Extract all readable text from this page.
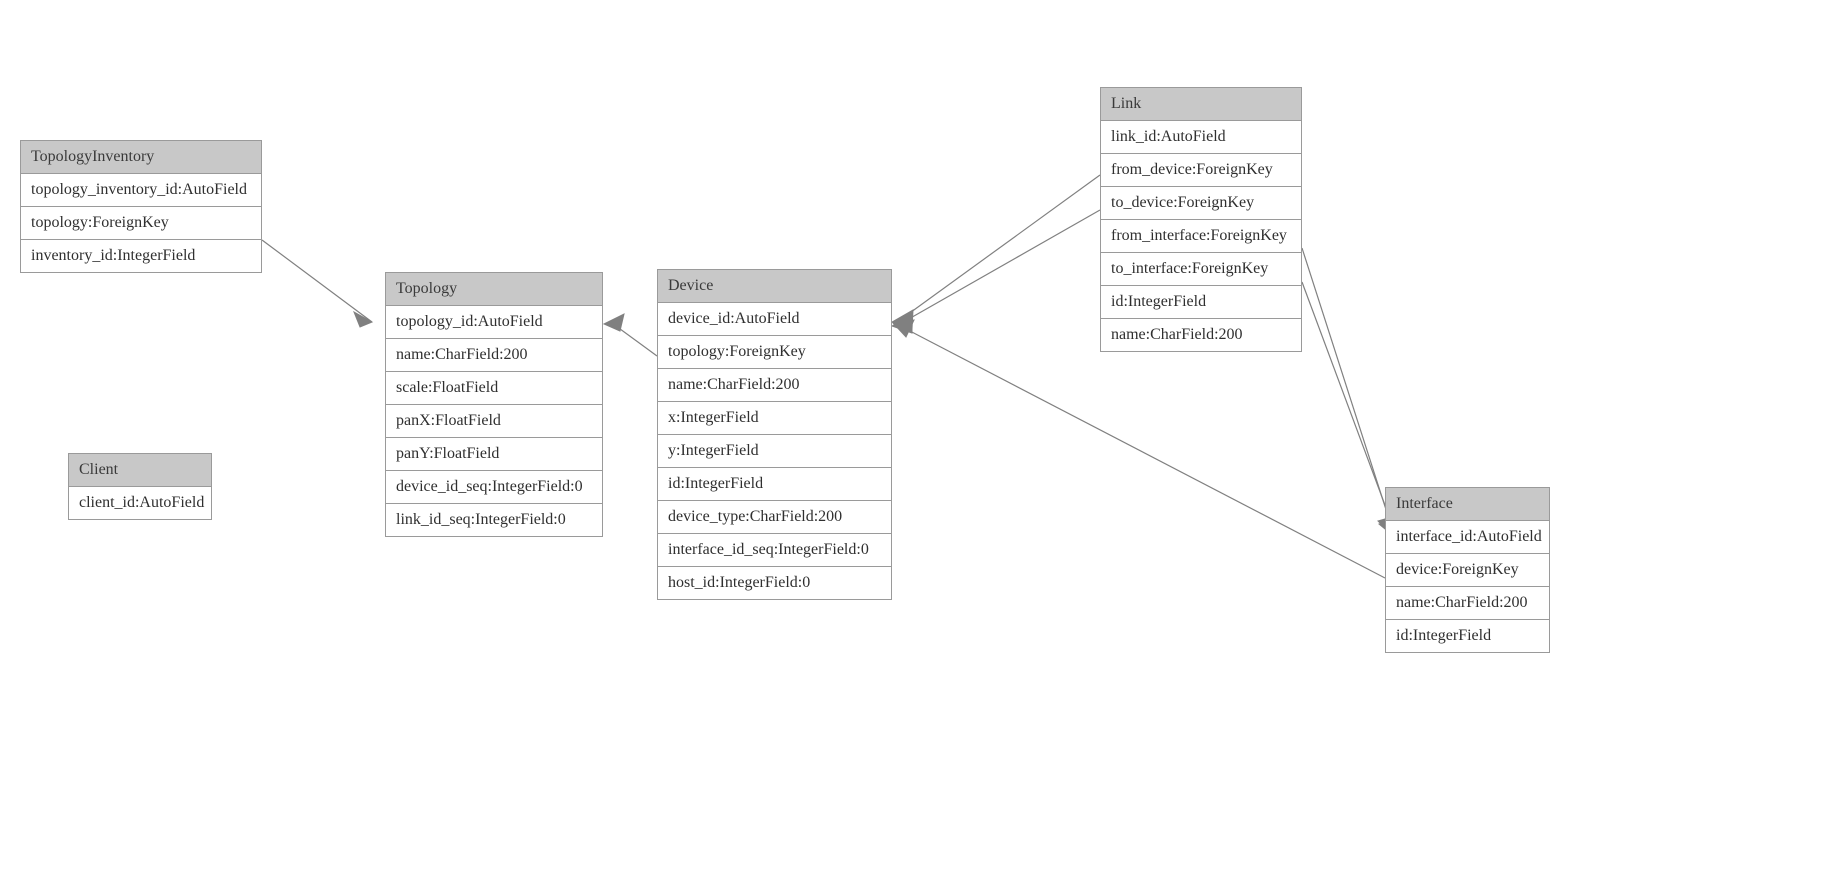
TopologyInventory
topology_inventory_id:AutoField
topology:ForeignKey
inventory_id:IntegerField
Client
client_id:AutoField
Topology
topology_id:AutoField
name:CharField:200
scale:FloatField
panX:FloatField
panY:FloatField
device_id_seq:IntegerField:0
link_id_seq:IntegerField:0
Device
device_id:AutoField
topology:ForeignKey
name:CharField:200
x:IntegerField
y:IntegerField
id:IntegerField
device_type:CharField:200
interface_id_seq:IntegerField:0
host_id:IntegerField:0
Link
link_id:AutoField
from_device:ForeignKey
to_device:ForeignKey
from_interface:ForeignKey
to_interface:ForeignKey
id:IntegerField
name:CharField:200
Interface
interface_id:AutoField
device:ForeignKey
name:CharField:200
id:IntegerField
